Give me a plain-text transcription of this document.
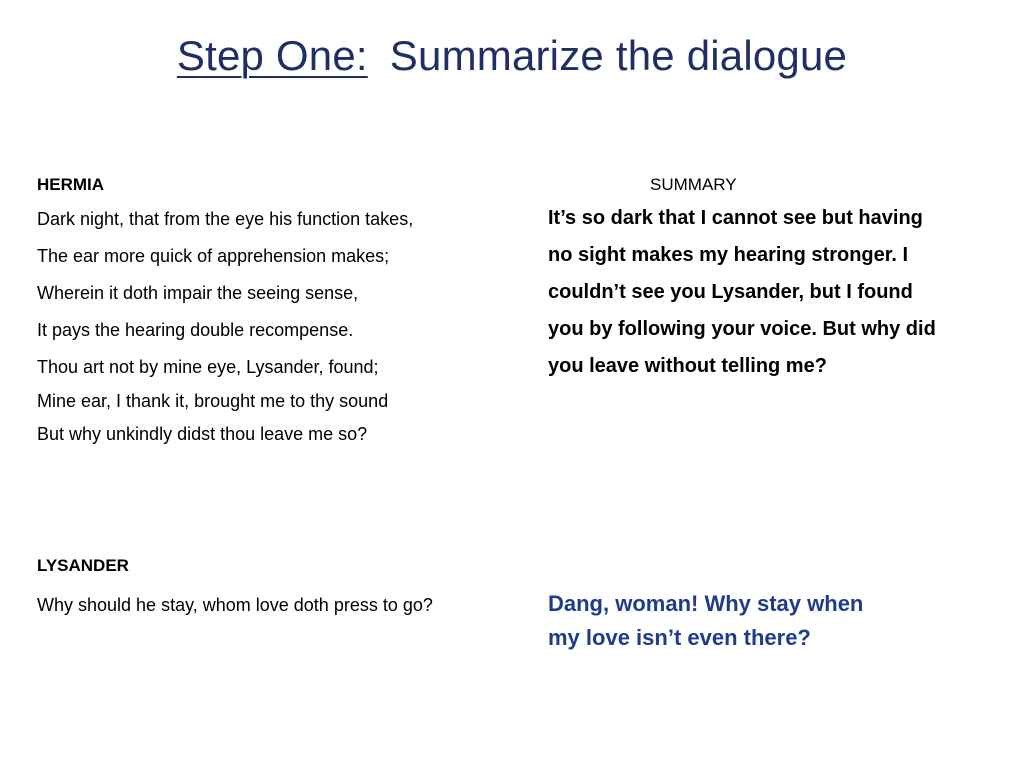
Step One: Summarize the dialogue
HERMIA
Dark night, that from the eye his function takes,
The ear more quick of apprehension makes;
Wherein it doth impair the seeing sense,
It pays the hearing double recompense.
Thou art not by mine eye, Lysander, found;
Mine ear, I thank it, brought me to thy sound
But why unkindly didst thou leave me so?
SUMMARY
It’s so dark that I cannot see but having
no sight makes my hearing stronger. I
couldn’t see you Lysander, but I found
you by following your voice. But why did
you leave without telling me?
LYSANDER
Why should he stay, whom love doth press to go?	Dang, woman! Why stay when
my love isn’t even there?
